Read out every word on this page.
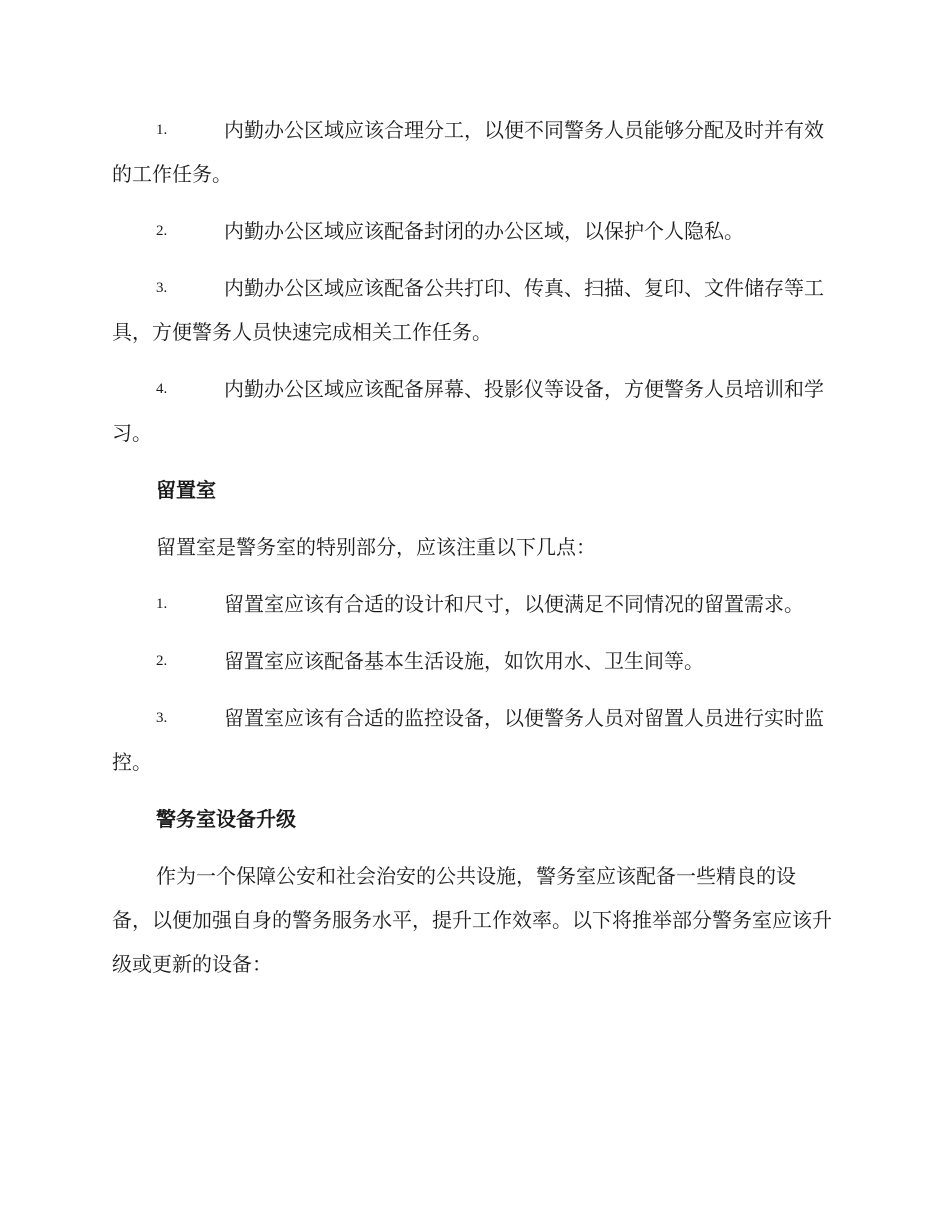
1.	内勤办公区域应该合理分工，以便不同警务人员能够分配及时并有效的工作任务。
2.	内勤办公区域应该配备封闭的办公区域，以保护个人隐私。
3.	内勤办公区域应该配备公共打印、传真、扫描、复印、文件储存等工具，方便警务人员快速完成相关工作任务。
4.	内勤办公区域应该配备屏幕、投影仪等设备，方便警务人员培训和学习。
留置室
留置室是警务室的特别部分，应该注重以下几点：
1.	留置室应该有合适的设计和尺寸，以便满足不同情况的留置需求。
2.	留置室应该配备基本生活设施，如饮用水、卫生间等。
3.	留置室应该有合适的监控设备，以便警务人员对留置人员进行实时监控。
警务室设备升级
作为一个保障公安和社会治安的公共设施，警务室应该配备一些精良的设备，以便加强自身的警务服务水平，提升工作效率。以下将推举部分警务室应该升级或更新的设备：
